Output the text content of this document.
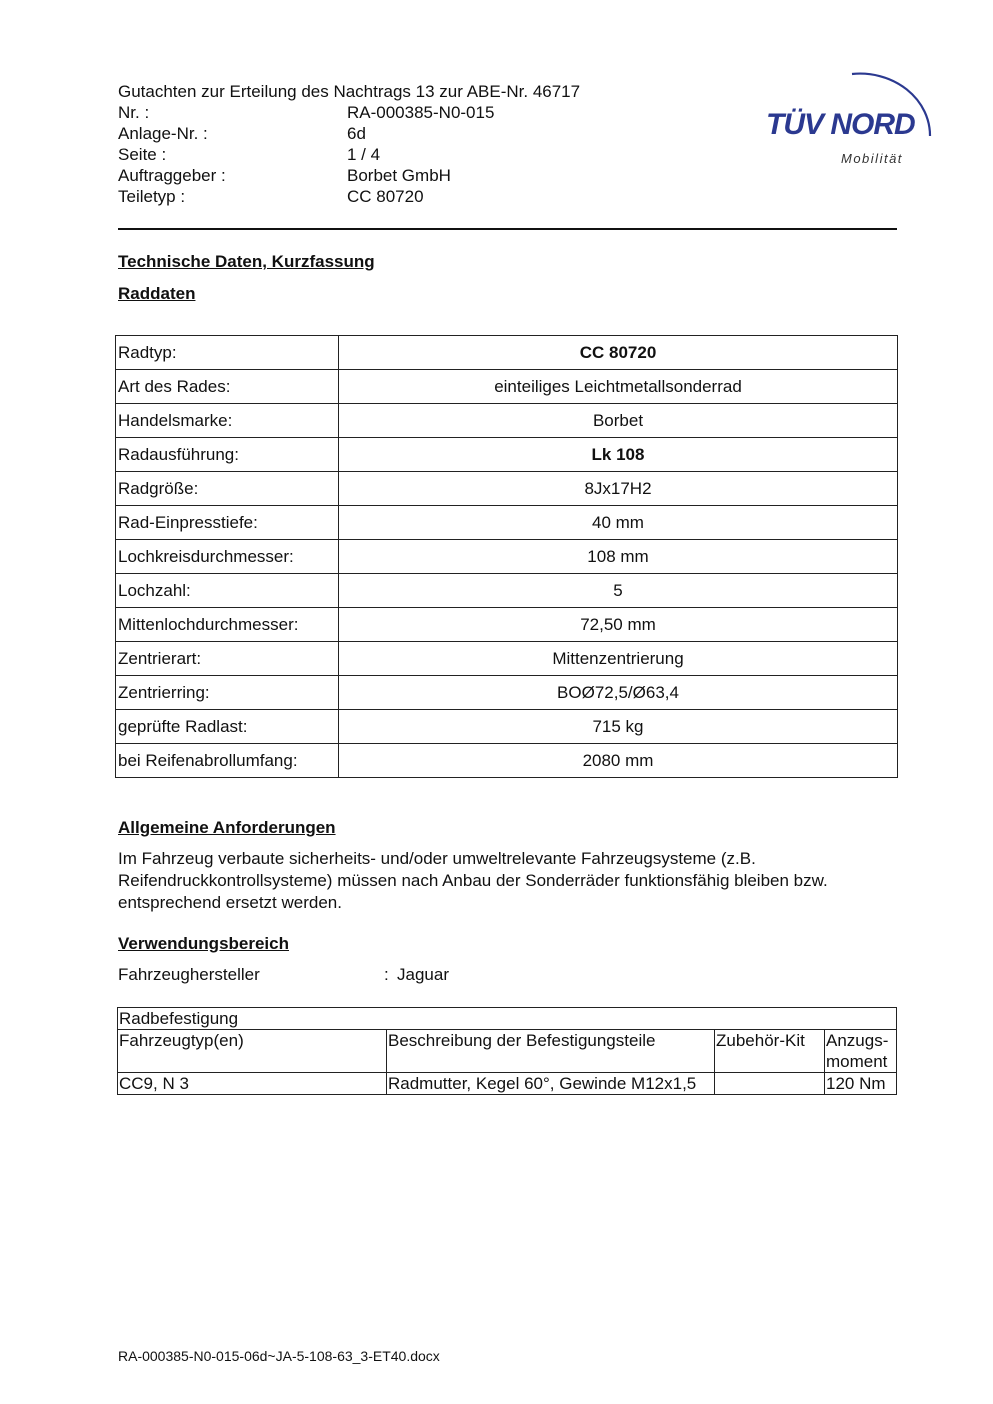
Gutachten zur Erteilung des Nachtrags 13 zur ABE-Nr. 46717
Nr. :	RA-000385-N0-015
Anlage-Nr. :	6d
Seite :	1 / 4
Auftraggeber :	Borbet GmbH
Teiletyp :	CC 80720
TÜV NORD
Mobilität
Technische Daten, Kurzfassung
Raddaten
Radtyp:	CC 80720
Art des Rades:	einteiliges Leichtmetallsonderrad
Handelsmarke:	Borbet
Radausführung:	Lk 108
Radgröße:	8Jx17H2
Rad-Einpresstiefe:	40 mm
Lochkreisdurchmesser:	108 mm
Lochzahl:	5
Mittenlochdurchmesser:	72,50 mm
Zentrierart:	Mittenzentrierung
Zentrierring:	BOØ72,5/Ø63,4
geprüfte Radlast:	715 kg
bei Reifenabrollumfang:	2080 mm
Allgemeine Anforderungen
Im Fahrzeug verbaute sicherheits- und/oder umweltrelevante Fahrzeugsysteme (z.B. Reifendruckkontrollsysteme) müssen nach Anbau der Sonderräder funktionsfähig bleiben bzw. entsprechend ersetzt werden.
Verwendungsbereich
Fahrzeughersteller	: Jaguar
Radbefestigung			
Fahrzeugtyp(en)	Beschreibung der Befestigungsteile	Zubehör-Kit	Anzugs-moment
CC9, N 3	Radmutter, Kegel 60°, Gewinde M12x1,5		120 Nm
RA-000385-N0-015-06d~JA-5-108-63_3-ET40.docx
